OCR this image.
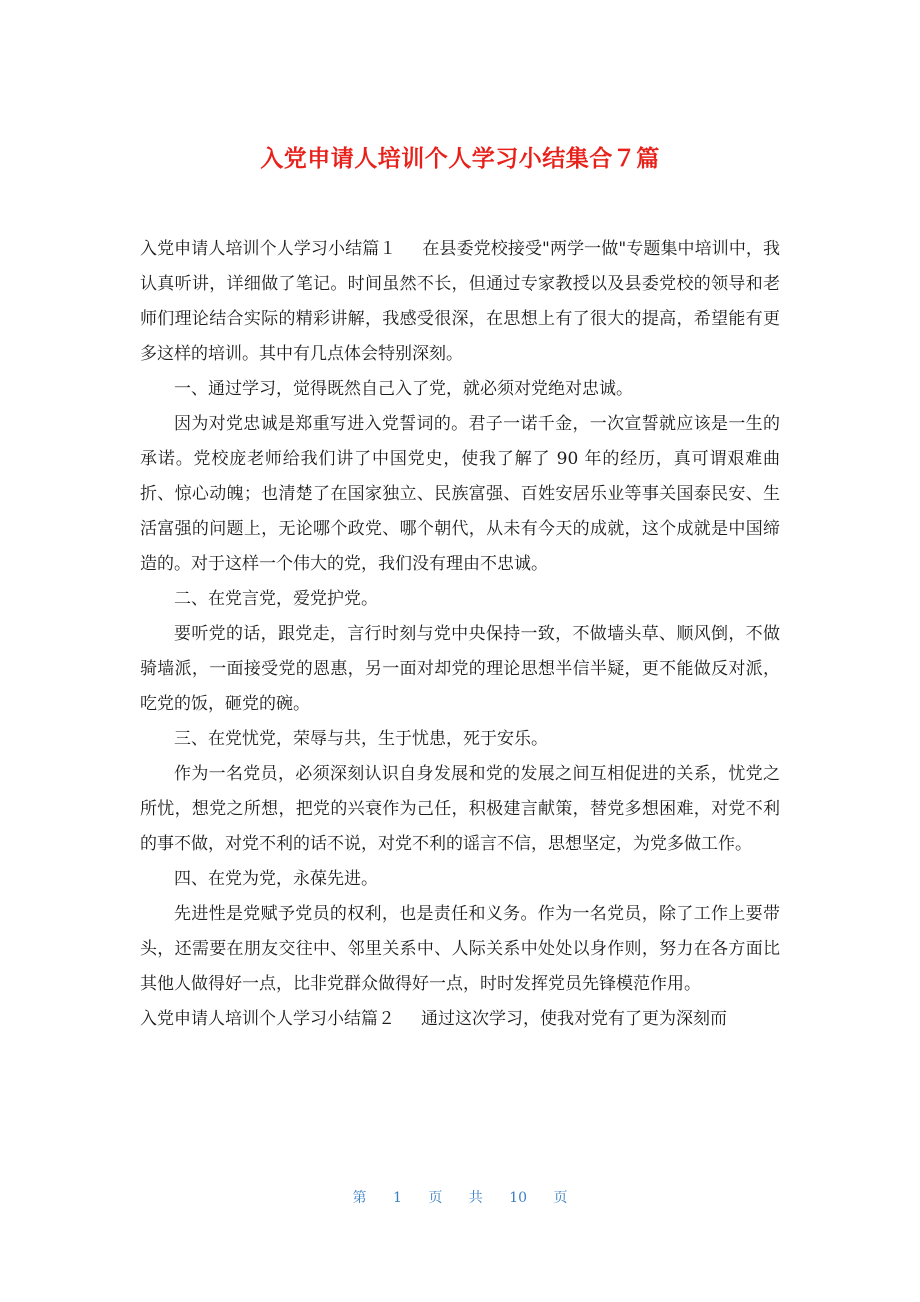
入党申请人培训个人学习小结集合７篇

入党申请人培训个人学习小结篇１ 在县委党校接受"两学一做"专题集中培训中，我认真听讲，详细做了笔记。时间虽然不长，但通过专家教授以及县委党校的领导和老师们理论结合实际的精彩讲解，我感受很深，在思想上有了很大的提高，希望能有更多这样的培训。其中有几点体会特别深刻。

一、通过学习，觉得既然自己入了党，就必须对党绝对忠诚。

因为对党忠诚是郑重写进入党誓词的。君子一诺千金，一次宣誓就应该是一生的承诺。党校庞老师给我们讲了中国党史，使我了解了 90 年的经历，真可谓艰难曲折、惊心动魄；也清楚了在国家独立、民族富强、百姓安居乐业等事关国泰民安、生活富强的问题上，无论哪个政党、哪个朝代，从未有今天的成就，这个成就是中国缔造的。对于这样一个伟大的党，我们没有理由不忠诚。

二、在党言党，爱党护党。

要听党的话，跟党走，言行时刻与党中央保持一致，不做墙头草、顺风倒，不做骑墙派，一面接受党的恩惠，另一面对却党的理论思想半信半疑，更不能做反对派，吃党的饭，砸党的碗。

三、在党忧党，荣辱与共，生于忧患，死于安乐。

作为一名党员，必须深刻认识自身发展和党的发展之间互相促进的关系，忧党之所忧，想党之所想，把党的兴衰作为己任，积极建言献策，替党多想困难，对党不利的事不做，对党不利的话不说，对党不利的谣言不信，思想坚定，为党多做工作。

四、在党为党，永葆先进。

先进性是党赋予党员的权利，也是责任和义务。作为一名党员，除了工作上要带头，还需要在朋友交往中、邻里关系中、人际关系中处处以身作则，努力在各方面比其他人做得好一点，比非党群众做得好一点，时时发挥党员先锋模范作用。

入党申请人培训个人学习小结篇２ 通过这次学习，使我对党有了更为深刻而

第 1 页 共 10 页
